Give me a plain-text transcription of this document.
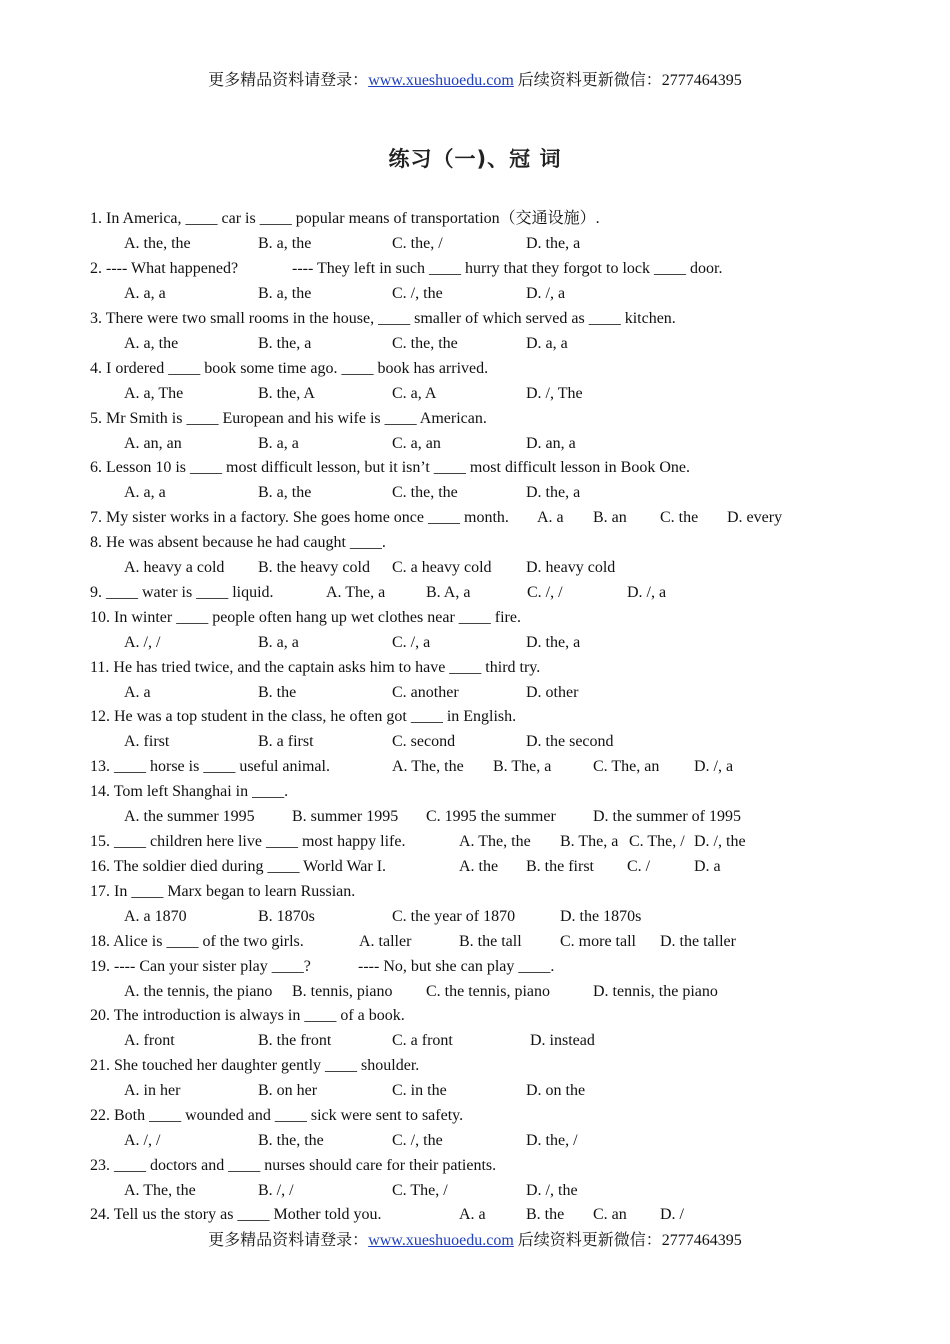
更多精品资料请登录：www.xueshuoedu.com 后续资料更新微信：2777464395
练习（一)、冠 词
1. In America, ____ car is ____ popular means of transportation（交通设施）.
A. the, the	B. a, the	C. the, /	D. the, a
2. ---- What happened?	---- They left in such ____ hurry that they forgot to lock ____ door.
A. a, a	B. a, the	C. /, the	D. /, a
3. There were two small rooms in the house, ____ smaller of which served as ____ kitchen.
A. a, the	B. the, a	C. the, the	D. a, a
4. I ordered ____ book some time ago. ____ book has arrived.
A. a, The	B. the, A	C. a, A	D. /, The
5. Mr Smith is ____ European and his wife is ____ American.
A. an, an	B. a, a	C. a, an	D. an, a
6. Lesson 10 is ____ most difficult lesson, but it isn’t ____ most difficult lesson in Book One.
A. a, a	B. a, the	C. the, the	D. the, a
7. My sister works in a factory. She goes home once ____ month. A. a B. an C. the D. every
8. He was absent because he had caught ____.
A. heavy a cold B. the heavy cold C. a heavy cold D. heavy cold
9. ____ water is ____ liquid.	A. The, a	B. A, a	C. /, /	D. /, a
10. In winter ____ people often hang up wet clothes near ____ fire.
A. /, /	B. a, a	C. /, a	D. the, a
11. He has tried twice, and the captain asks him to have ____ third try.
A. a	B. the	C. another	D. other
12. He was a top student in the class, he often got ____ in English.
A. first	B. a first	C. second	D. the second
13. ____ horse is ____ useful animal.	A. The, the B. The, a	C. The, an D. /, a
14. Tom left Shanghai in ____.
A. the summer 1995 B. summer 1995 C. 1995 the summer D. the summer of 1995
15. ____ children here live ____ most happy life.	A. The, the B. The, a C. The, / D. /, the
16. The soldier died during ____ World War I.	A. the B. the first C. /	D. a
17. In ____ Marx began to learn Russian.
A. a 1870	B. 1870s	C. the year of 1870	D. the 1870s
18. Alice is ____ of the two girls.	A. taller	B. the tall C. more tall D. the taller
19. ---- Can your sister play ____?	---- No, but she can play ____.
A. the tennis, the piano B. tennis, piano C. the tennis, piano	D. tennis, the piano
20. The introduction is always in ____ of a book.
A. front	B. the front	C. a front	D. instead
21. She touched her daughter gently ____ shoulder.
A. in her	B. on her	C. in the	D. on the
22. Both ____ wounded and ____ sick were sent to safety.
A. /, /	B. the, the	C. /, the	D. the, /
23. ____ doctors and ____ nurses should care for their patients.
A. The, the	B. /, /	C. The, /	D. /, the
24. Tell us the story as ____ Mother told you.	A. a	B. the C. an D. /
更多精品资料请登录：www.xueshuoedu.com 后续资料更新微信：2777464395
